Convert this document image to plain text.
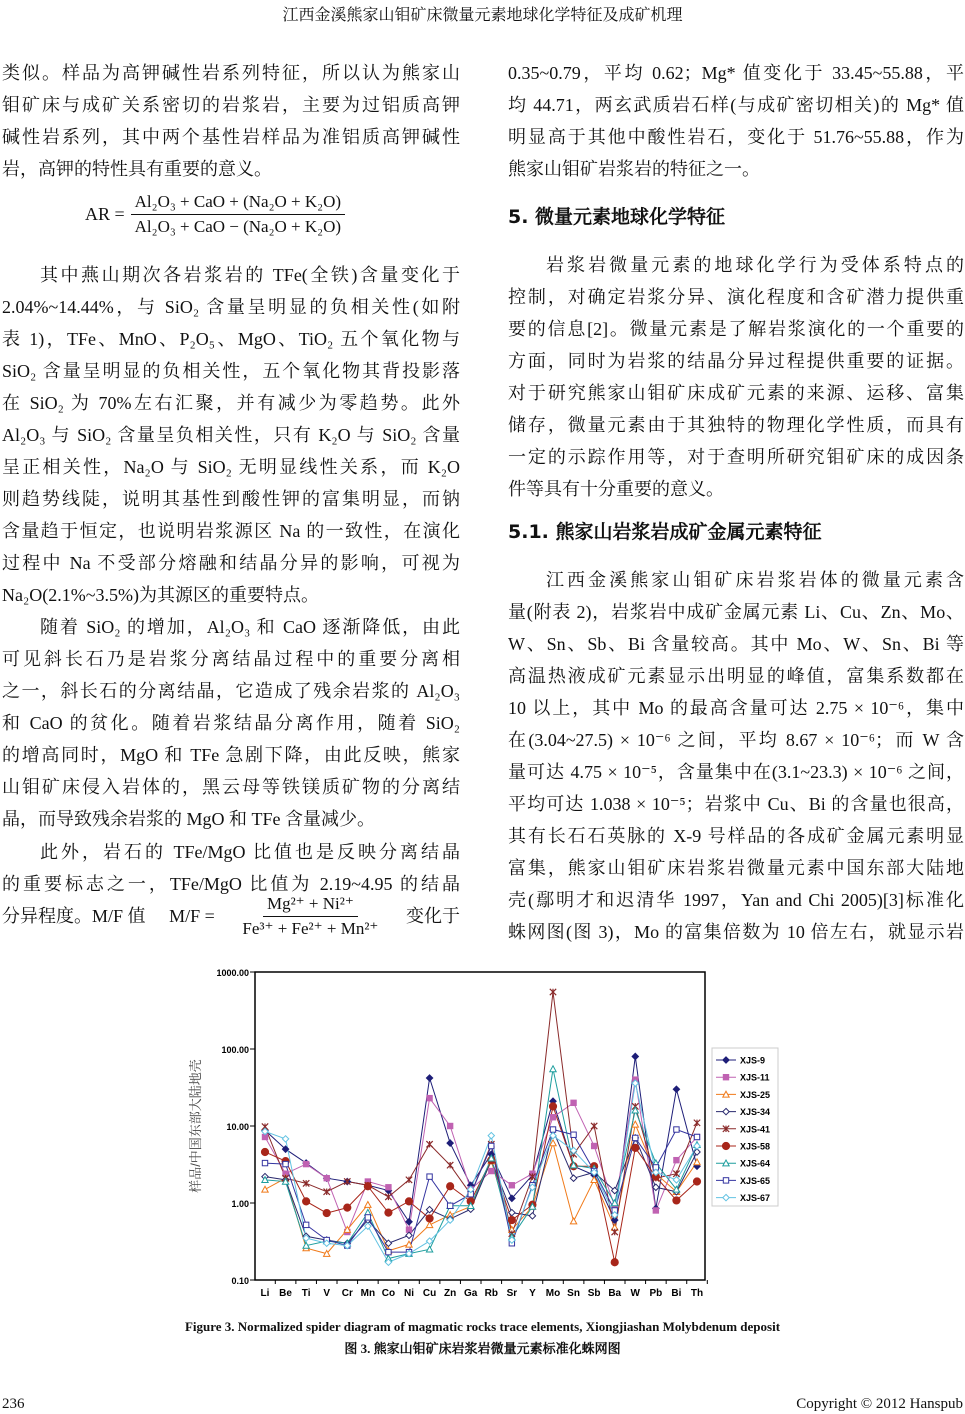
江西金溪熊家山钼矿床微量元素地球化学特征及成矿机理
类似。样品为高钾碱性岩系列特征，所以认为熊家山
钼矿床与成矿关系密切的岩浆岩，主要为过铝质高钾
碱性岩系列，其中两个基性岩样品为准铝质高钾碱性
岩，高钾的特性具有重要的意义。
AR = $\frac{\text{Al₂O₃ + CaO + (Na₂O + K₂O)}}{\text{Al₂O₃ + CaO − (Na₂O + K₂O)}}$
其中燕山期次各岩浆岩的 TFe(全铁)含量变化于
2.04%~14.44%，与 SiO₂ 含量呈明显的负相关性(如附
表 1)，TFe、MnO、P₂O₅、MgO、TiO₂ 五个氧化物与
SiO₂ 含量呈明显的负相关性，五个氧化物其背投影落
在 SiO₂ 为 70%左右汇聚，并有减少为零趋势。此外
Al₂O₃ 与 SiO₂ 含量呈负相关性，只有 K₂O 与 SiO₂ 含量
呈正相关性，Na₂O 与 SiO₂ 无明显线性关系，而 K₂O
则趋势线陡，说明其基性到酸性钾的富集明显，而钠
含量趋于恒定，也说明岩浆源区 Na 的一致性，在演化
过程中 Na 不受部分熔融和结晶分异的影响，可视为
Na₂O(2.1%~3.5%)为其源区的重要特点。
随着 SiO₂ 的增加，Al₂O₃ 和 CaO 逐渐降低，由此
可见斜长石乃是岩浆分离结晶过程中的重要分离相
之一，斜长石的分离结晶，它造成了残余岩浆的 Al₂O₃
和 CaO 的贫化。随着岩浆结晶分离作用，随着 SiO₂
的增高同时，MgO 和 TFe 急剧下降，由此反映，熊家
山钼矿床侵入岩体的，黑云母等铁镁质矿物的分离结
晶，而导致残余岩浆的 MgO 和 TFe 含量减少。
此外，岩石的 TFe/MgO 比值也是反映分离结晶
的重要标志之一，TFe/MgO 比值为 2.19~4.95 的结晶
分异程度。M/F 值 $M/F = \frac{\text{Mg²⁺ + Ni²⁺}}{\text{Fe³⁺ + Fe²⁺ + Mn²⁺}}$ 变化于
0.35~0.79，平均 0.62；Mg* 值变化于 33.45~55.88，平
均 44.71，两玄武质岩石样(与成矿密切相关)的 Mg* 值
明显高于其他中酸性岩石，变化于 51.76~55.88，作为
熊家山钼矿岩浆岩的特征之一。
5. 微量元素地球化学特征
岩浆岩微量元素的地球化学行为受体系特点的
控制，对确定岩浆分异、演化程度和含矿潜力提供重
要的信息[2]。微量元素是了解岩浆演化的一个重要的
方面，同时为岩浆的结晶分异过程提供重要的证据。
对于研究熊家山钼矿床成矿元素的来源、运移、富集
储存，微量元素由于其独特的物理化学性质，而具有
一定的示踪作用等，对于查明所研究钼矿床的成因条
件等具有十分重要的意义。
5.1. 熊家山岩浆岩成矿金属元素特征
江西金溪熊家山钼矿床岩浆岩体的微量元素含
量(附表 2)，岩浆岩中成矿金属元素 Li、Cu、Zn、Mo、
W、Sn、Sb、Bi 含量较高。其中 Mo、W、Sn、Bi 等
高温热液成矿元素显示出明显的峰值，富集系数都在
10 以上，其中 Mo 的最高含量可达 2.75 × 10⁻⁶，集中
在(3.04~27.5) × 10⁻⁶ 之间，平均 8.67 × 10⁻⁶；而 W 含
量可达 4.75 × 10⁻⁵，含量集中在(3.1~23.3) × 10⁻⁶ 之间，
平均可达 1.038 × 10⁻⁵；岩浆中 Cu、Bi 的含量也很高，
其有长石石英脉的 X-9 号样品的各成矿金属元素明显
富集，熊家山钼矿床岩浆岩微量元素中国东部大陆地
壳(鄢明才和迟清华 1997，Yan and Chi 2005)[3]标准化
蛛网图(图 3)，Mo 的富集倍数为 10 倍左右，就显示岩
0.10
1.00
10.00
100.00
1000.00
Li Be Ti V Cr Mn Co Ni Cu Zn Ga Rb Sr Y Mo Sn Sb Ba W Pb Bi Th
样品/中国东部大陆地壳	XJS-9
XJS-11
XJS-25
XJS-34
XJS-41
XJS-58
XJS-64
XJS-65
XJS-67
Figure 3. Normalized spider diagram of magmatic rocks trace elements, Xiongjiashan Molybdenum deposit
图 3. 熊家山钼矿床岩浆岩微量元素标准化蛛网图
236	Copyright © 2012 Hanspub
